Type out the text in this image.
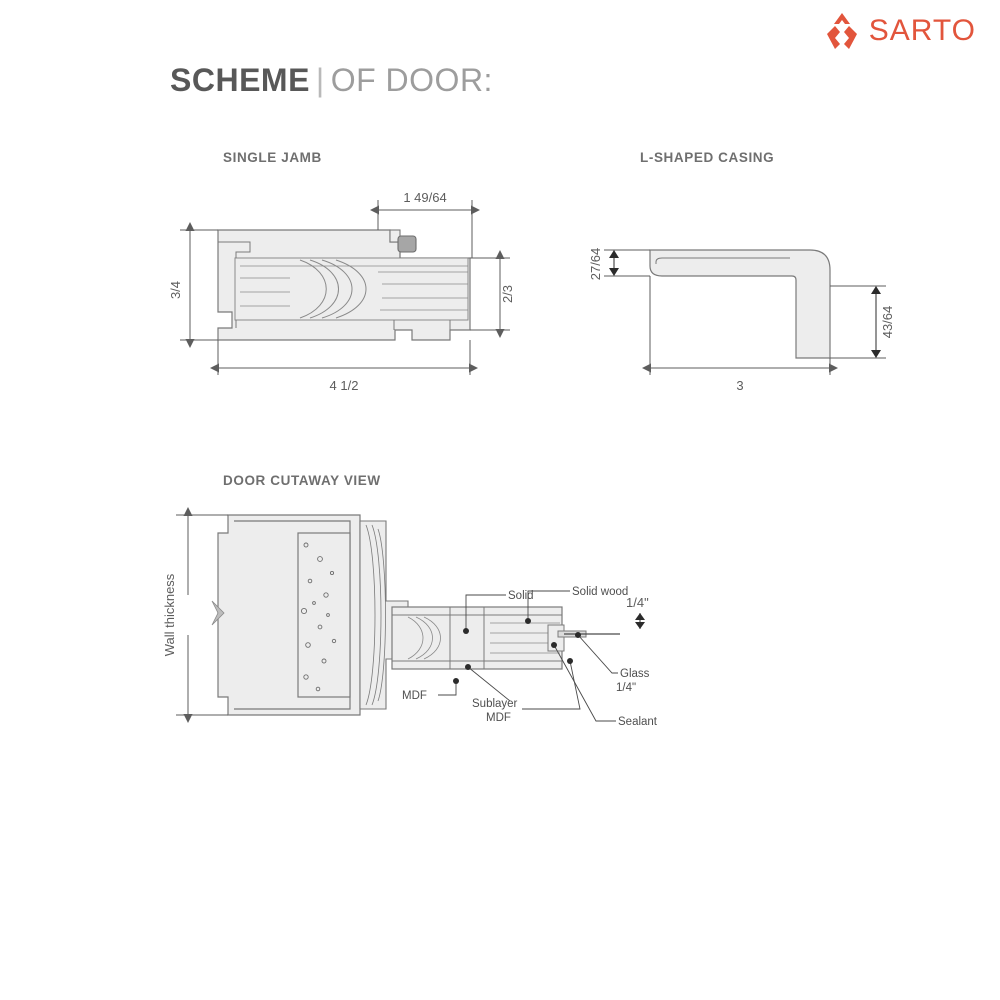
SARTO
SCHEME | OF DOOR:
SINGLE JAMB	L-SHAPED CASING
DOOR CUTAWAY VIEW
1 49/64
3/4	2/3
4 1/2
27/64
43/64
3
Wall thickness	1/4"
Solid	Solid wood
MDF
Sublayer
MDF
Glass
Sealant
1/4"
